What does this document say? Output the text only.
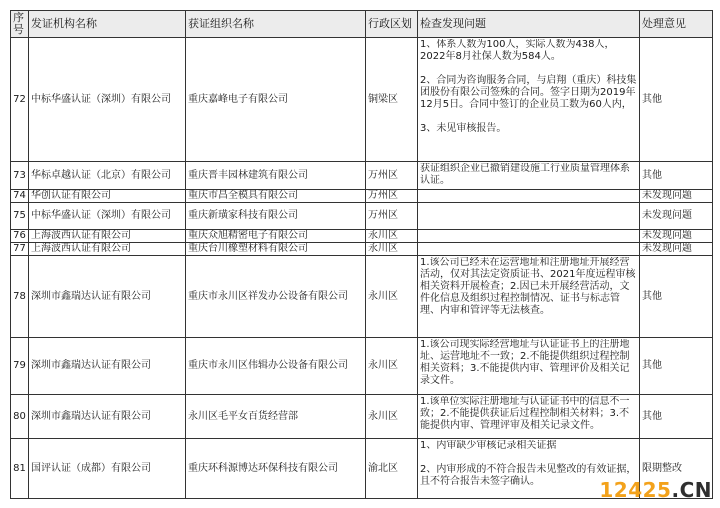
序号	发证机构名称	获证组织名称	行政区划	检查发现问题	处理意见
72	中标华盛认证（深圳）有限公司	重庆嘉峰电子有限公司	铜梁区	1、体系人数为100人，实际人数为438人，2022年8月社保人数为584人。

2、合同为咨询服务合同，与启翔（重庆）科技集团股份有限公司签殊的合同。签字日期为2019年12月5日。合同中签订的企业员工数为60人内，

3、未见审核报告。	其他
73	华标卓越认证（北京）有限公司	重庆晋丰园林建筑有限公司	万州区	获证组织企业已撤销建设施工行业质量管理体系认证。	其他
74	华创认证有限公司	重庆市昌全模具有限公司	万州区		未发现问题
75	中标华盛认证（深圳）有限公司	重庆新璜家科技有限公司	万州区		未发现问题
76	上海波西认证有限公司	重庆众旭精密电子有限公司	永川区		未发现问题
77	上海波西认证有限公司	重庆台川橡塑材料有限公司	永川区		未发现问题
78	深圳市鑫瑞达认证有限公司	重庆市永川区祥发办公设备有限公司	永川区	1.该公司已经未在运营地址和注册地址开展经营活动，仅对其法定资质证书、2021年度远程审核相关资料开展检查；2.因已未开展经营活动，文件化信息及组织过程控制情况、证书与标志管理、内审和管评等无法核查。	其他
79	深圳市鑫瑞达认证有限公司	重庆市永川区伟辑办公设备有限公司	永川区	1.该公司现实际经营地址与认证证书上的注册地址、运营地址不一致；2.不能提供组织过程控制相关资料；3.不能提供内审、管理评价及相关记录文件。	其他
80	深圳市鑫瑞达认证有限公司	永川区毛平女百货经营部	永川区	1.该单位实际注册地址与认证证书中的信息不一致；2.不能提供获证后过程控制相关材料；3.不能提供内审、管理评审及相关记录文件。	其他
81	国评认证（成都）有限公司	重庆环科源博达环保科技有限公司	渝北区	1、内审缺少审核记录相关证据

2、内审形成的不符合报告未见整改的有效证据，且不符合报告未签字确认。	限期整改
12425.CN
